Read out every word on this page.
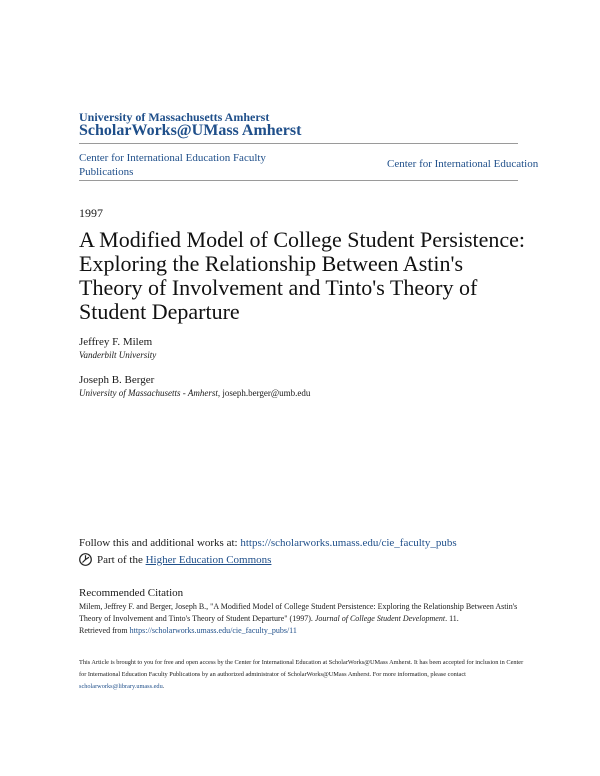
University of Massachusetts Amherst
ScholarWorks@UMass Amherst
Center for International Education Faculty Publications
Center for International Education
1997
A Modified Model of College Student Persistence: Exploring the Relationship Between Astin's Theory of Involvement and Tinto's Theory of Student Departure
Jeffrey F. Milem
Vanderbilt University
Joseph B. Berger
University of Massachusetts - Amherst, joseph.berger@umb.edu
Follow this and additional works at: https://scholarworks.umass.edu/cie_faculty_pubs
Part of the
Higher Education Commons
Recommended Citation
Milem, Jeffrey F. and Berger, Joseph B., "A Modified Model of College Student Persistence: Exploring the Relationship Between Astin's Theory of Involvement and Tinto's Theory of Student Departure" (1997). Journal of College Student Development. 11.
Retrieved from https://scholarworks.umass.edu/cie_faculty_pubs/11
This Article is brought to you for free and open access by the Center for International Education at ScholarWorks@UMass Amherst. It has been accepted for inclusion in Center for International Education Faculty Publications by an authorized administrator of ScholarWorks@UMass Amherst. For more information, please contact scholarworks@library.umass.edu.
